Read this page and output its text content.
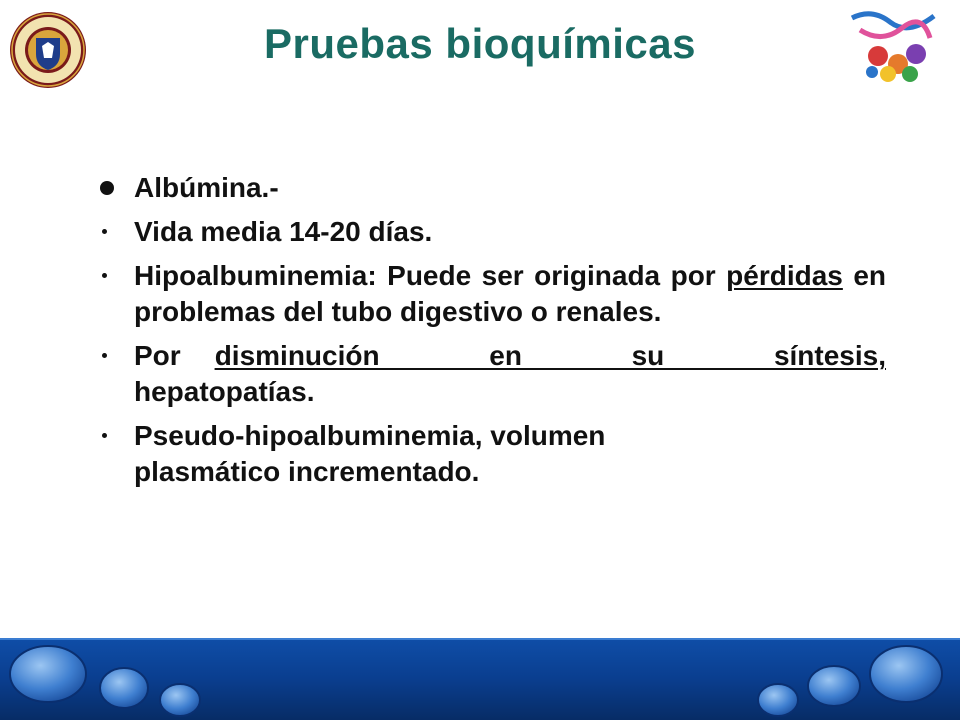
Pruebas bioquímicas
Albúmina.-
Vida media 14-20 días.
Hipoalbuminemia: Puede ser originada por pérdidas en problemas del tubo digestivo o renales.
Por disminución en su síntesis,
hepatopatías.
Pseudo-hipoalbuminemia, volumen
plasmático incrementado.
